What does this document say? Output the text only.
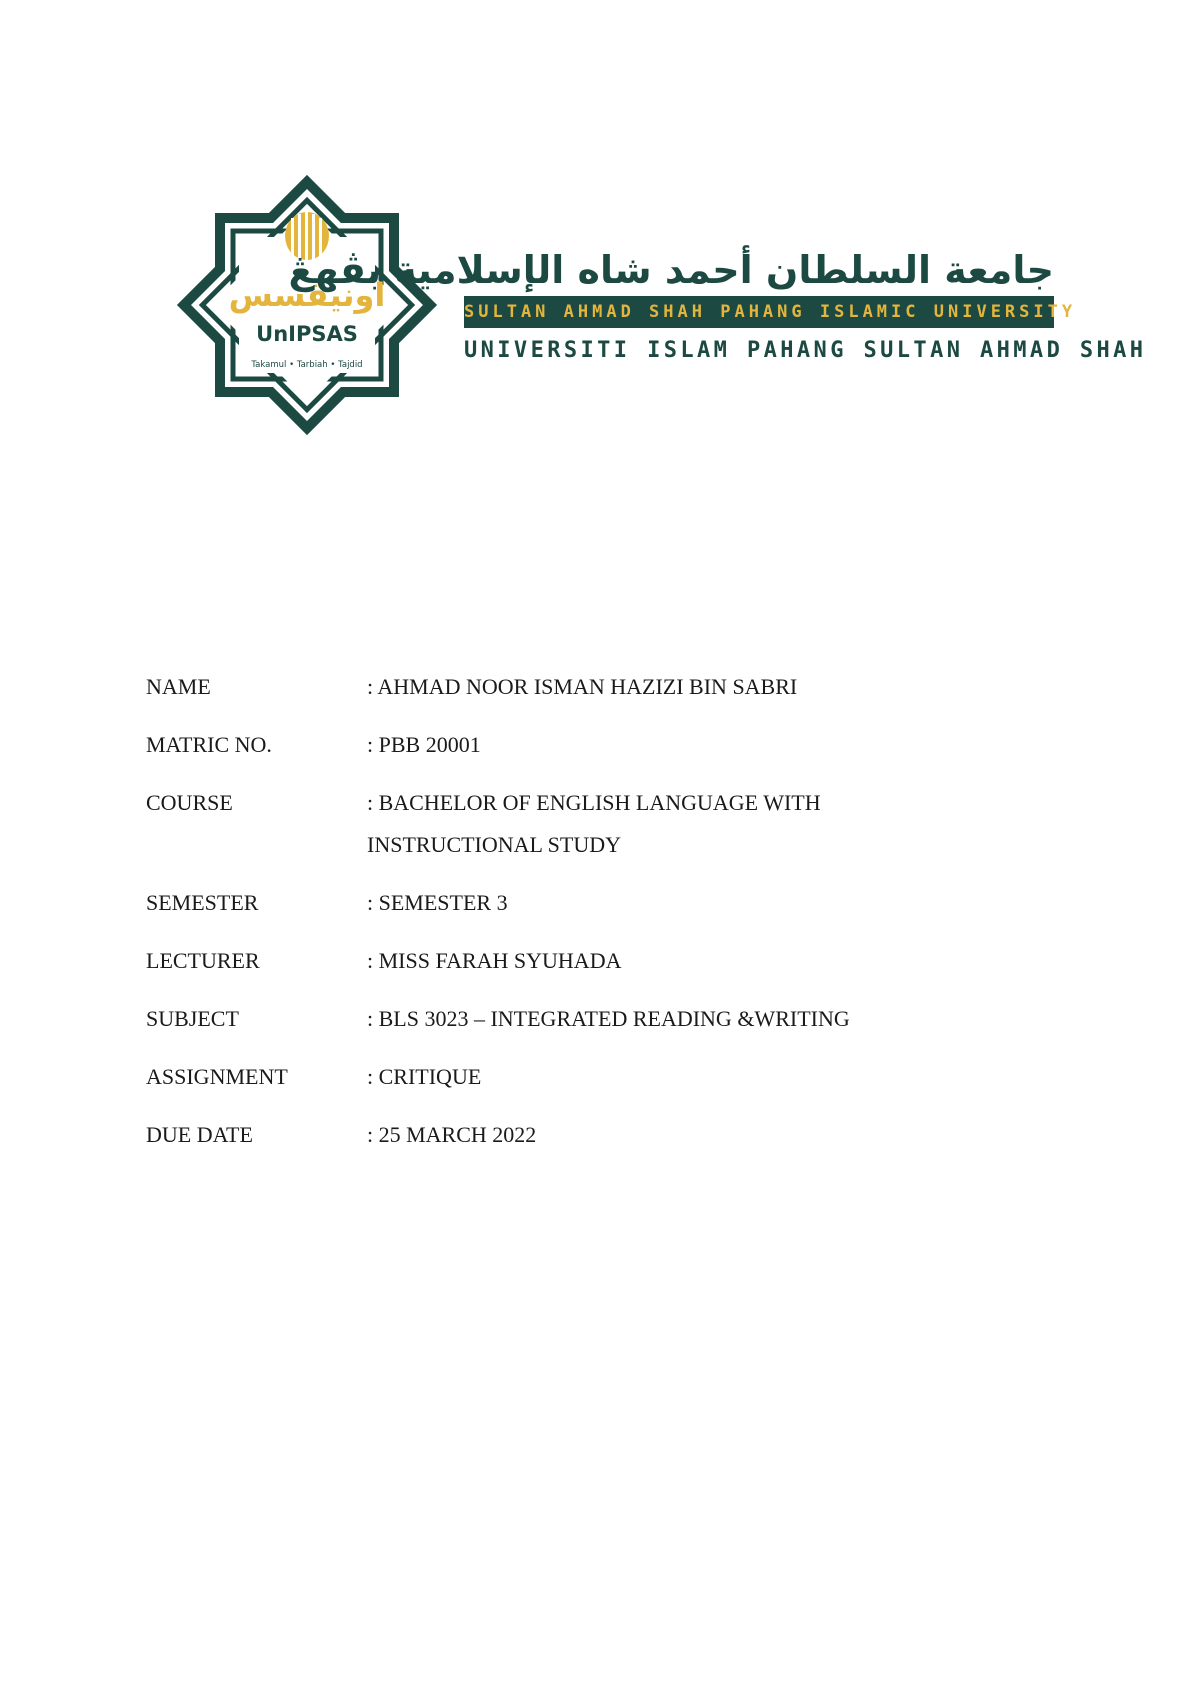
اونيڤسس
UnIPSAS
Takamul • Tarbiah • Tajdid
جامعة السلطان أحمد شاه الإسلامية بڤهڠ
SULTAN AHMAD SHAH PAHANG ISLAMIC UNIVERSITY
UNIVERSITI ISLAM PAHANG SULTAN AHMAD SHAH
NAME	: AHMAD NOOR ISMAN HAZIZI BIN SABRI
MATRIC NO.	: PBB 20001
COURSE	: BACHELOR OF ENGLISH LANGUAGE WITH INSTRUCTIONAL STUDY
SEMESTER	: SEMESTER 3
LECTURER	: MISS FARAH SYUHADA
SUBJECT	: BLS 3023 – INTEGRATED READING &WRITING
ASSIGNMENT	: CRITIQUE
DUE DATE	: 25 MARCH 2022
